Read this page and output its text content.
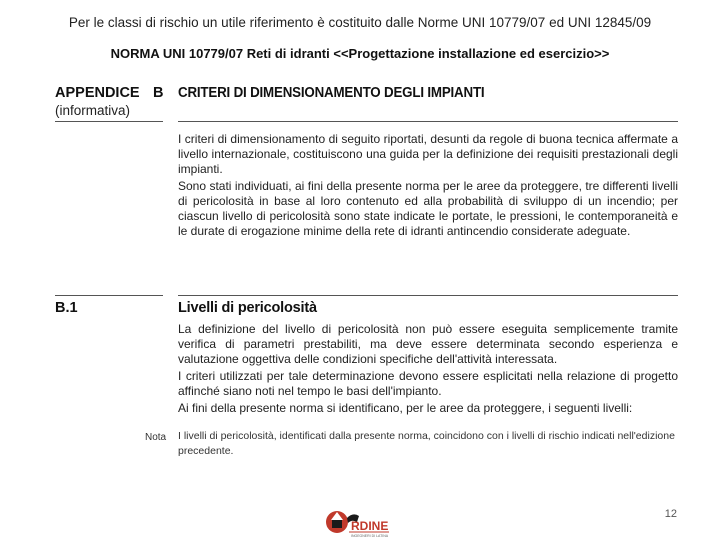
Per le classi di rischio un utile riferimento è costituito dalle Norme UNI 10779/07 ed UNI 12845/09
NORMA UNI 10779/07 Reti di idranti <<Progettazione installazione ed esercizio>>
APPENDICE
(informativa)
B CRITERI DI DIMENSIONAMENTO DEGLI IMPIANTI
I criteri di dimensionamento di seguito riportati, desunti da regole di buona tecnica affermate a livello internazionale, costituiscono una guida per la definizione dei requisiti prestazionali degli impianti.
Sono stati individuati, ai fini della presente norma per le aree da proteggere, tre differenti livelli di pericolosità in base al loro contenuto ed alla probabilità di sviluppo di un incendio; per ciascun livello di pericolosità sono state indicate le portate, le pressioni, le contemporaneità e le durate di erogazione minime della rete di idranti antincendio considerate adeguate.
B.1	Livelli di pericolosità
La definizione del livello di pericolosità non può essere eseguita semplicemente tramite verifica di parametri prestabiliti, ma deve essere determinata secondo esperienza e valutazione oggettiva delle condizioni specifiche dell'attività interessata.
I criteri utilizzati per tale determinazione devono essere esplicitati nella relazione di progetto affinché siano noti nel tempo le basi dell'impianto.
Ai fini della presente norma si identificano, per le aree da proteggere, i seguenti livelli:
Nota I livelli di pericolosità, identificati dalla presente norma, coincidono con i livelli di rischio indicati nell'edizione precedente.
RDINE
INGEGNERI DI LATINA
12
